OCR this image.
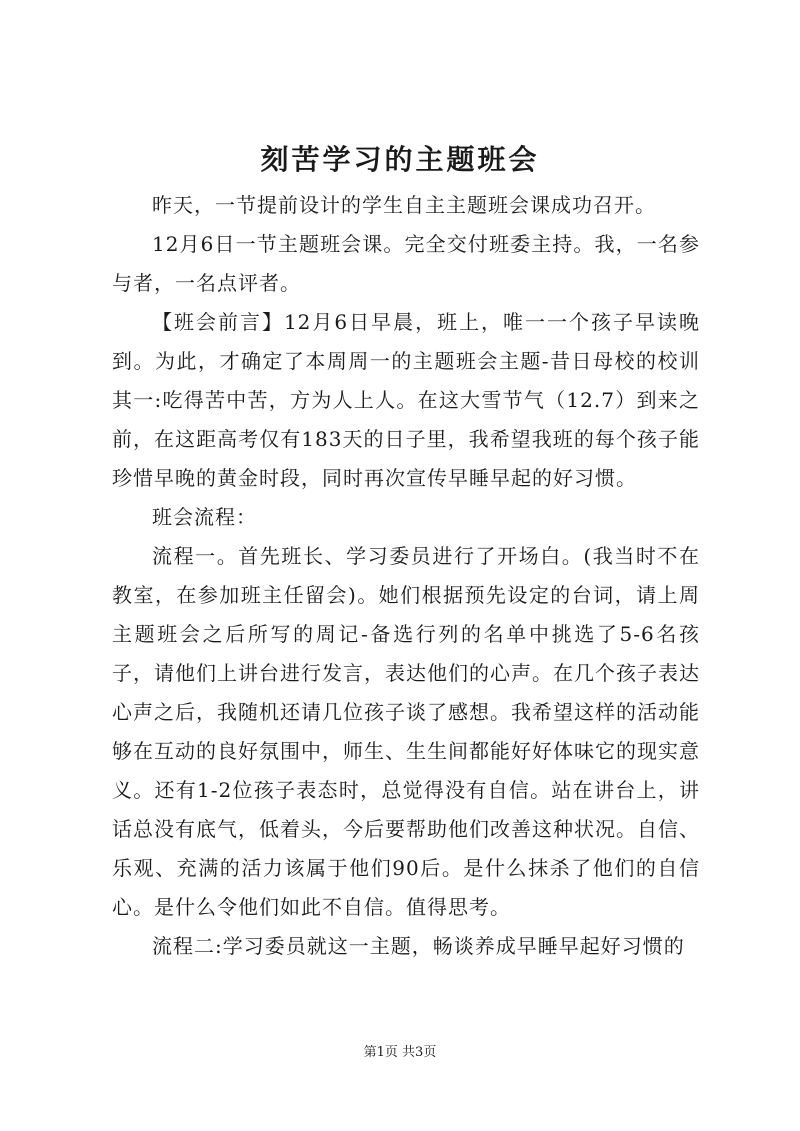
刻苦学习的主题班会

昨天，一节提前设计的学生自主主题班会课成功召开。

12月6日一节主题班会课。完全交付班委主持。我，一名参与者，一名点评者。

【班会前言】12月6日早晨，班上，唯一一个孩子早读晚到。为此，才确定了本周周一的主题班会主题-昔日母校的校训其一:吃得苦中苦，方为人上人。在这大雪节气（12.7）到来之前，在这距高考仅有183天的日子里，我希望我班的每个孩子能珍惜早晚的黄金时段，同时再次宣传早睡早起的好习惯。

班会流程：

流程一。首先班长、学习委员进行了开场白。(我当时不在教室，在参加班主任留会)。她们根据预先设定的台词，请上周主题班会之后所写的周记-备选行列的名单中挑选了5-6名孩子，请他们上讲台进行发言，表达他们的心声。在几个孩子表达心声之后，我随机还请几位孩子谈了感想。我希望这样的活动能够在互动的良好氛围中，师生、生生间都能好好体味它的现实意义。还有1-2位孩子表态时，总觉得没有自信。站在讲台上，讲话总没有底气，低着头，今后要帮助他们改善这种状况。自信、乐观、充满的活力该属于他们90后。是什么抹杀了他们的自信心。是什么令他们如此不自信。值得思考。

流程二:学习委员就这一主题，畅谈养成早睡早起好习惯的

第1页 共3页
